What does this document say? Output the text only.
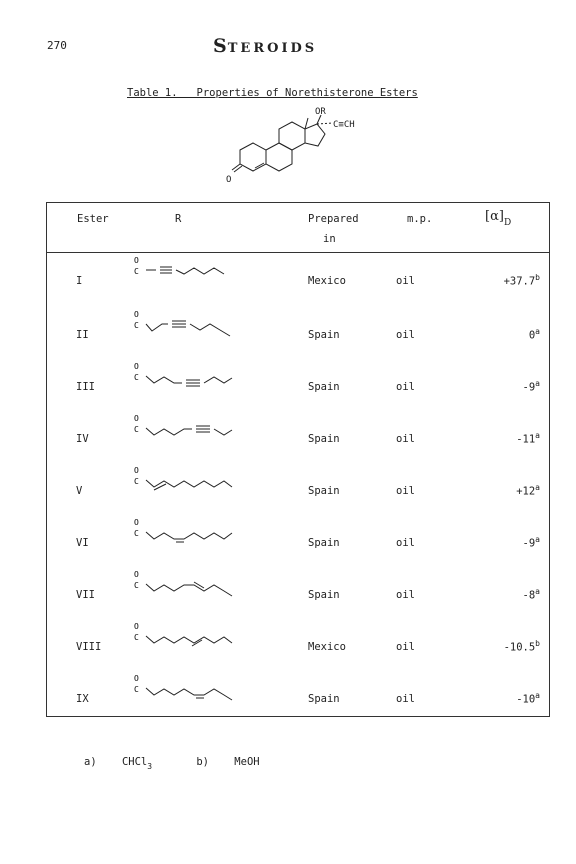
270	STEROIDS
Table 1.   Properties of Norethisterone Esters
OR
C≡CH
O
Ester	R	Prepared
in
m.p.	$[\alpha]_D$
I	Mexico	oil	+37.7$^b$
O
C
II	Spain	oil	0$^a$
O
C
III	Spain	oil	-9$^a$
O
C
IV	Spain	oil	-11$^a$
O
C
V	Spain	oil	$+12^a$
O
C
VI	Spain	oil	-9$^a$
O
C
VII	Spain	oil	-8$^a$
O
C
VIII	Mexico	oil	-10.5$^b$
O
C
IX	Spain	oil	-10$^a$
O
C
a) CHCl$_3$	b) MeOH
